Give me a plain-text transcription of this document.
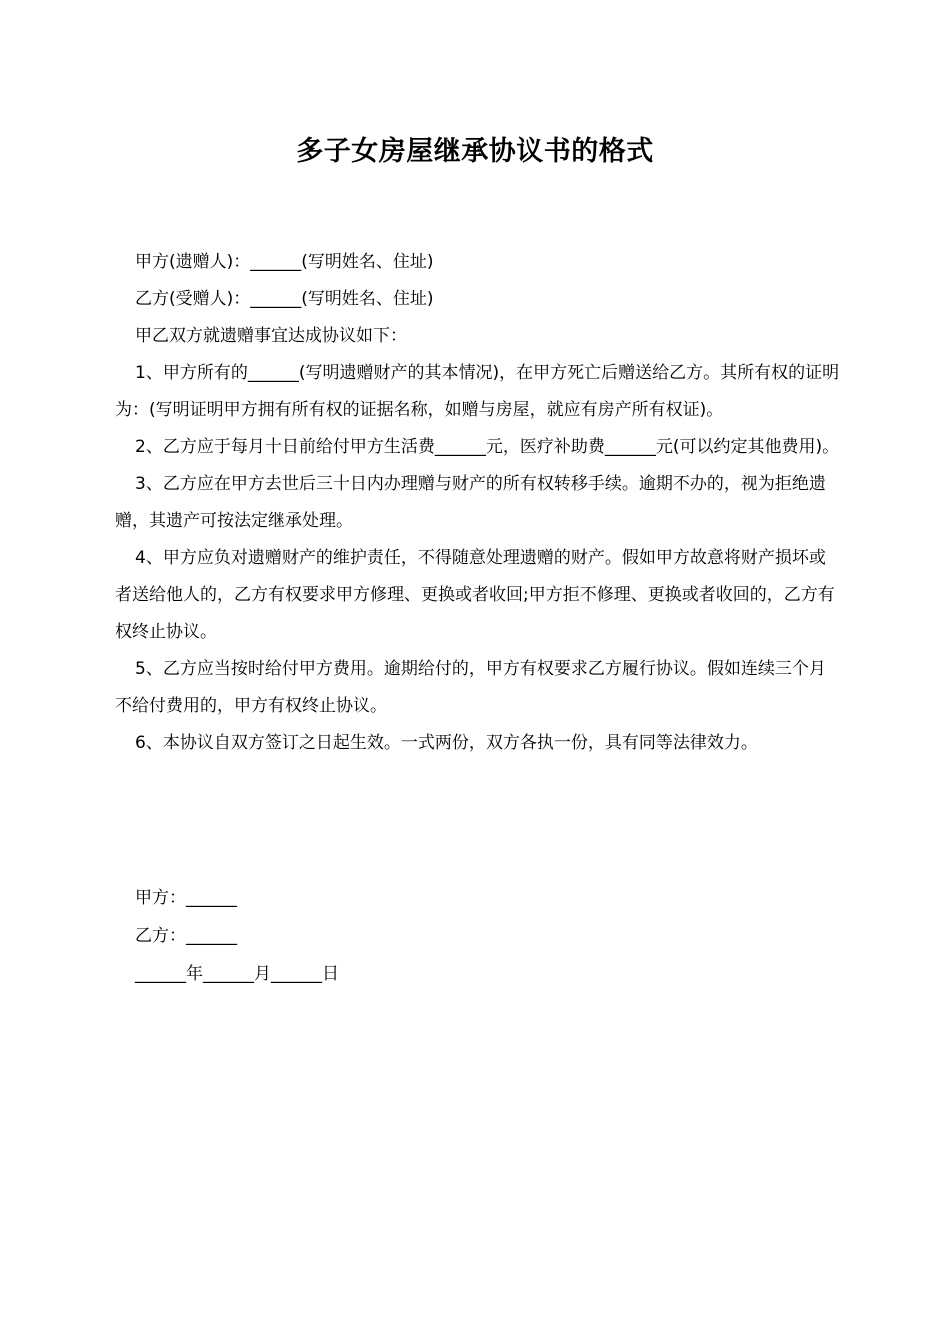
多子女房屋继承协议书的格式

甲方(遗赠人)：______(写明姓名、住址)

乙方(受赠人)：______(写明姓名、住址)

甲乙双方就遗赠事宜达成协议如下：

1、甲方所有的______(写明遗赠财产的其本情况)，在甲方死亡后赠送给乙方。其所有权的证明为：(写明证明甲方拥有所有权的证据名称，如赠与房屋，就应有房产所有权证)。

2、乙方应于每月十日前给付甲方生活费______元，医疗补助费______元(可以约定其他费用)。

3、乙方应在甲方去世后三十日内办理赠与财产的所有权转移手续。逾期不办的，视为拒绝遗赠，其遗产可按法定继承处理。

4、甲方应负对遗赠财产的维护责任，不得随意处理遗赠的财产。假如甲方故意将财产损坏或者送给他人的，乙方有权要求甲方修理、更换或者收回;甲方拒不修理、更换或者收回的，乙方有权终止协议。

5、乙方应当按时给付甲方费用。逾期给付的，甲方有权要求乙方履行协议。假如连续三个月不给付费用的，甲方有权终止协议。

6、本协议自双方签订之日起生效。一式两份，双方各执一份，具有同等法律效力。

甲方：______
乙方：______
______年______月______日
